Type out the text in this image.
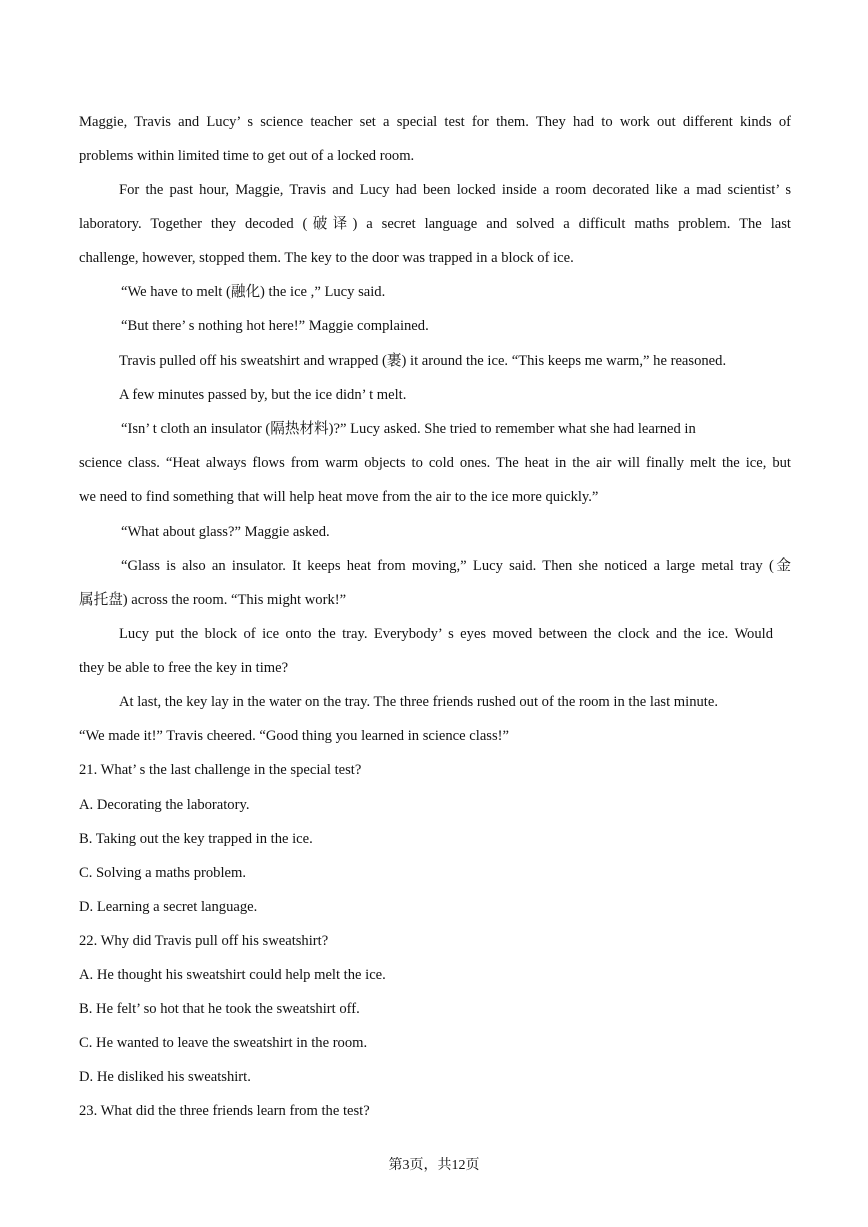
Maggie, Travis and Lucy’ s science teacher set a special test for them. They had to work out different kinds of
problems within limited time to get out of a locked room.
For the past hour, Maggie, Travis and Lucy had been locked inside a room decorated like a mad scientist’ s
laboratory. Together they decoded (破译) a secret language and solved a difficult maths problem. The last
challenge, however, stopped them. The key to the door was trapped in a block of ice.
“We have to melt (融化) the ice ,” Lucy said.
“But there’ s nothing hot here!” Maggie complained.
Travis pulled off his sweatshirt and wrapped (裹) it around the ice. “This keeps me warm,” he reasoned.
A few minutes passed by, but the ice didn’ t melt.
“Isn’ t cloth an insulator (隔热材料)?” Lucy asked. She tried to remember what she had learned in
science class. “Heat always flows from warm objects to cold ones. The heat in the air will finally melt the ice, but
we need to find something that will help heat move from the air to the ice more quickly.”
“What about glass?” Maggie asked.
“Glass is also an insulator. It keeps heat from moving,” Lucy said. Then she noticed a large metal tray (金
属托盘) across the room. “This might work!”
Lucy put the block of ice onto the tray. Everybody’ s eyes moved between the clock and the ice. Would
they be able to free the key in time?
At last, the key lay in the water on the tray. The three friends rushed out of the room in the last minute.
“We made it!” Travis cheered. “Good thing you learned in science class!”
21. What’ s the last challenge in the special test?
A. Decorating the laboratory.
B. Taking out the key trapped in the ice.
C. Solving a maths problem.
D. Learning a secret language.
22. Why did Travis pull off his sweatshirt?
A. He thought his sweatshirt could help melt the ice.
B. He felt’ so hot that he took the sweatshirt off.
C. He wanted to leave the sweatshirt in the room.
D. He disliked his sweatshirt.
23. What did the three friends learn from the test?
第3页，共12页
